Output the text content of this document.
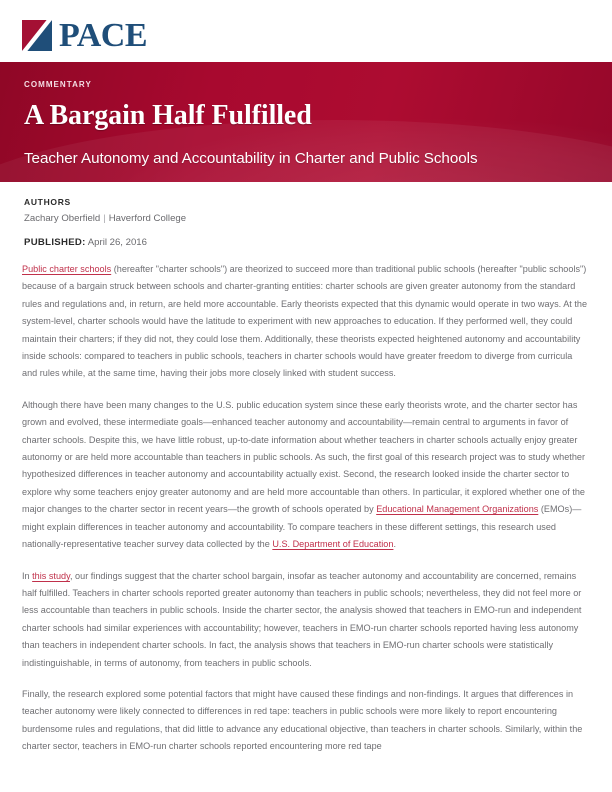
PACE
COMMENTARY
A Bargain Half Fulfilled
Teacher Autonomy and Accountability in Charter and Public Schools
AUTHORS
Zachary Oberfield | Haverford College
PUBLISHED: April 26, 2016

Public charter schools (hereafter "charter schools") are theorized to succeed more than traditional public schools (hereafter "public schools") because of a bargain struck between schools and charter-granting entities: charter schools are given greater autonomy from the standard rules and regulations and, in return, are held more accountable. Early theorists expected that this dynamic would operate in two ways. At the system-level, charter schools would have the latitude to experiment with new approaches to education. If they performed well, they could maintain their charters; if they did not, they could lose them. Additionally, these theorists expected heightened autonomy and accountability inside schools: compared to teachers in public schools, teachers in charter schools would have greater freedom to diverge from curricula and rules while, at the same time, having their jobs more closely linked with student success.

Although there have been many changes to the U.S. public education system since these early theorists wrote, and the charter sector has grown and evolved, these intermediate goals—enhanced teacher autonomy and accountability—remain central to arguments in favor of charter schools. Despite this, we have little robust, up-to-date information about whether teachers in charter schools actually enjoy greater autonomy or are held more accountable than teachers in public schools. As such, the first goal of this research project was to study whether hypothesized differences in teacher autonomy and accountability actually exist. Second, the research looked inside the charter sector to explore why some teachers enjoy greater autonomy and are held more accountable than others. In particular, it explored whether one of the major changes to the charter sector in recent years—the growth of schools operated by Educational Management Organizations (EMOs)—might explain differences in teacher autonomy and accountability. To compare teachers in these different settings, this research used nationally-representative teacher survey data collected by the U.S. Department of Education.

In this study, our findings suggest that the charter school bargain, insofar as teacher autonomy and accountability are concerned, remains half fulfilled. Teachers in charter schools reported greater autonomy than teachers in public schools; nevertheless, they did not feel more or less accountable than teachers in public schools. Inside the charter sector, the analysis showed that teachers in EMO-run and independent charter schools had similar experiences with accountability; however, teachers in EMO-run charter schools reported having less autonomy than teachers in independent charter schools. In fact, the analysis shows that teachers in EMO-run charter schools were statistically indistinguishable, in terms of autonomy, from teachers in public schools.

Finally, the research explored some potential factors that might have caused these findings and non-findings. It argues that differences in teacher autonomy were likely connected to differences in red tape: teachers in public schools were more likely to report encountering burdensome rules and regulations, that did little to advance any educational objective, than teachers in charter schools. Similarly, within the charter sector, teachers in EMO-run charter schools reported encountering more red tape
